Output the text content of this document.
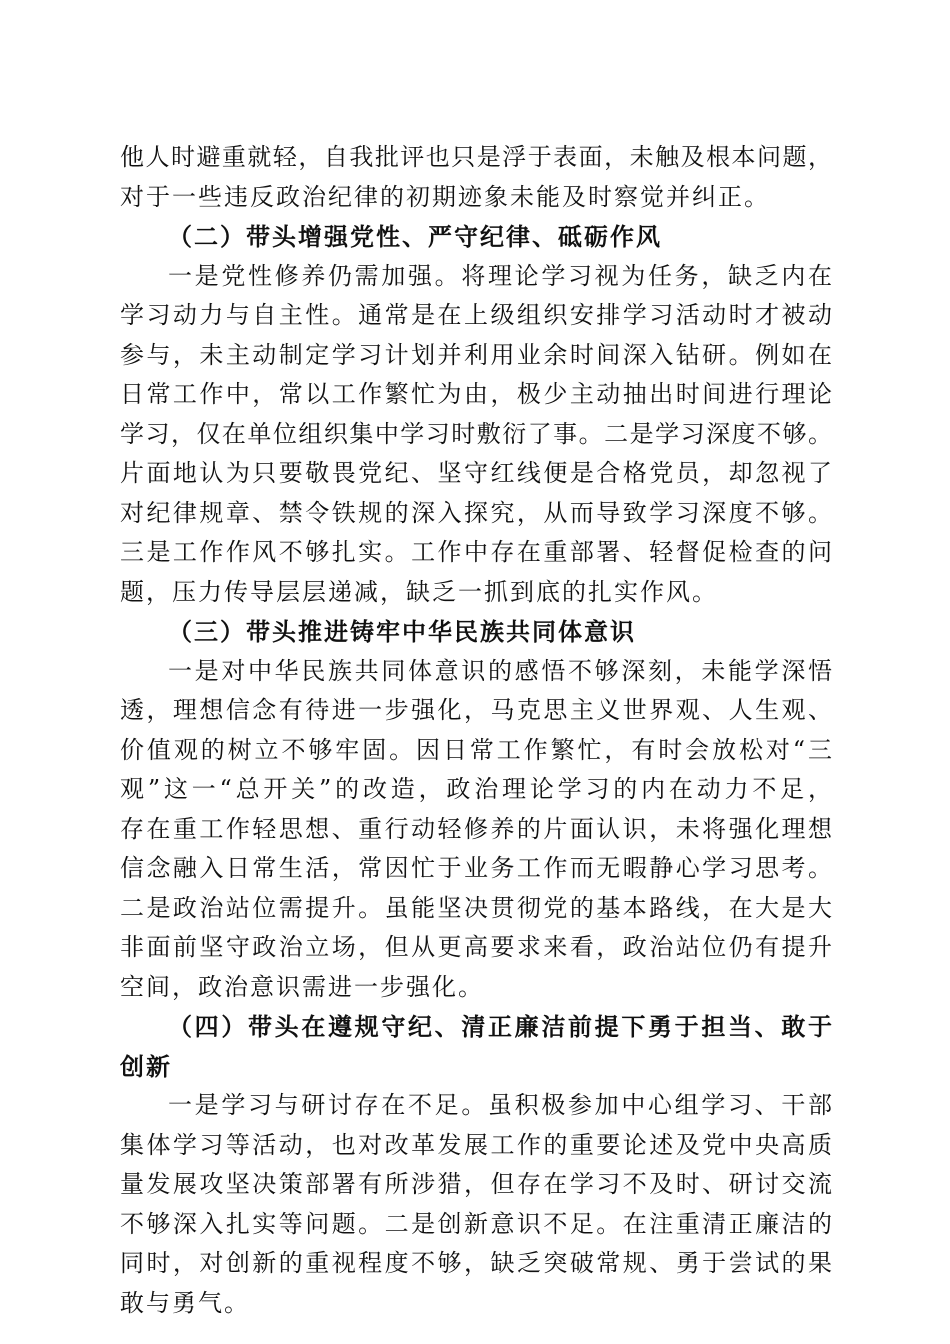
他人时避重就轻，自我批评也只是浮于表面，未触及根本问题，
对于一些违反政治纪律的初期迹象未能及时察觉并纠正。
（二）带头增强党性、严守纪律、砥砺作风
一是党性修养仍需加强。将理论学习视为任务，缺乏内在
学习动力与自主性。通常是在上级组织安排学习活动时才被动
参与，未主动制定学习计划并利用业余时间深入钻研。例如在
日常工作中，常以工作繁忙为由，极少主动抽出时间进行理论
学习，仅在单位组织集中学习时敷衍了事。二是学习深度不够。
片面地认为只要敬畏党纪、坚守红线便是合格党员，却忽视了
对纪律规章、禁令铁规的深入探究，从而导致学习深度不够。
三是工作作风不够扎实。工作中存在重部署、轻督促检查的问
题，压力传导层层递减，缺乏一抓到底的扎实作风。
（三）带头推进铸牢中华民族共同体意识
一是对中华民族共同体意识的感悟不够深刻，未能学深悟
透，理想信念有待进一步强化，马克思主义世界观、人生观、
价值观的树立不够牢固。因日常工作繁忙，有时会放松对“三
观”这一“总开关”的改造，政治理论学习的内在动力不足，
存在重工作轻思想、重行动轻修养的片面认识，未将强化理想
信念融入日常生活，常因忙于业务工作而无暇静心学习思考。
二是政治站位需提升。虽能坚决贯彻党的基本路线，在大是大
非面前坚守政治立场，但从更高要求来看，政治站位仍有提升
空间，政治意识需进一步强化。
（四）带头在遵规守纪、清正廉洁前提下勇于担当、敢于
创新
一是学习与研讨存在不足。虽积极参加中心组学习、干部
集体学习等活动，也对改革发展工作的重要论述及党中央高质
量发展攻坚决策部署有所涉猎，但存在学习不及时、研讨交流
不够深入扎实等问题。二是创新意识不足。在注重清正廉洁的
同时，对创新的重视程度不够，缺乏突破常规、勇于尝试的果
敢与勇气。
